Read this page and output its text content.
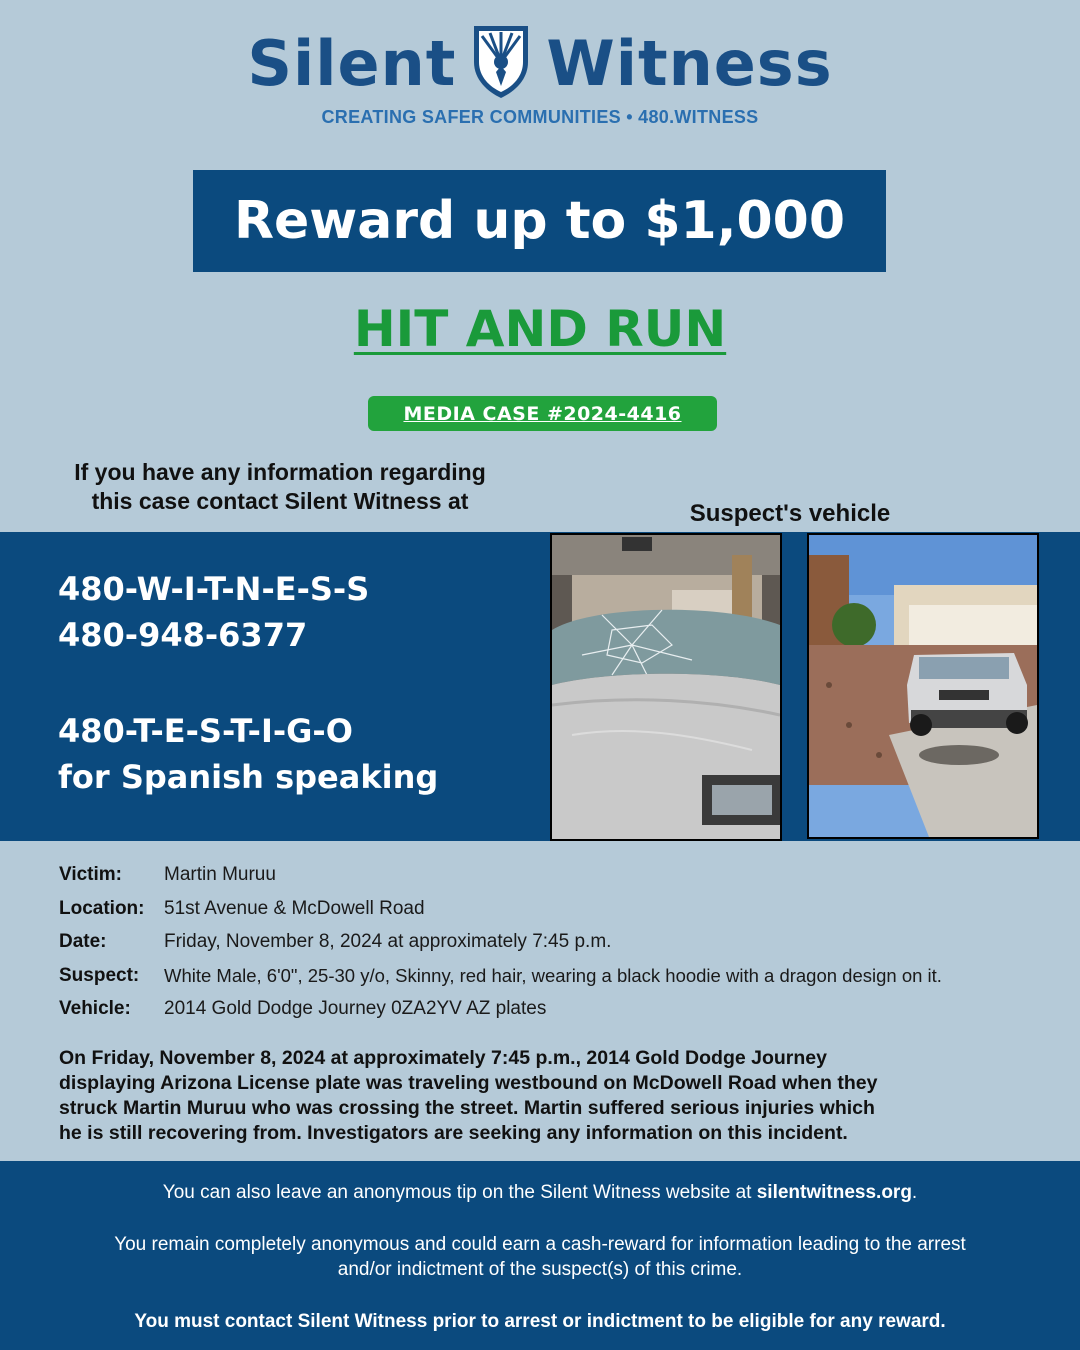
Silent Witness
CREATING SAFER COMMUNITIES • 480.WITNESS
Reward up to $1,000
HIT AND RUN
MEDIA CASE #2024-4416
If you have any information regarding
this case contact Silent Witness at	Suspect's vehicle
480-W-I-T-N-E-S-S
480-948-6377
480-T-E-S-T-I-G-O
for Spanish speaking
Victim: Martin Muruu
Location: 51st Avenue & McDowell Road
Date:	Friday, November 8, 2024 at approximately 7:45 p.m.
Suspect: White Male, 6'0", 25-30 y/o, Skinny, red hair, wearing a black hoodie with a dragon design on it.
Vehicle: 2014 Gold Dodge Journey 0ZA2YV AZ plates
On Friday, November 8, 2024 at approximately 7:45 p.m., 2014 Gold Dodge Journey
displaying Arizona License plate was traveling westbound on McDowell Road when they
struck Martin Muruu who was crossing the street. Martin suffered serious injuries which
he is still recovering from. Investigators are seeking any information on this incident.
You can also leave an anonymous tip on the Silent Witness website at silentwitness.org.
You remain completely anonymous and could earn a cash-reward for information leading to the arrest
and/or indictment of the suspect(s) of this crime.
You must contact Silent Witness prior to arrest or indictment to be eligible for any reward.
